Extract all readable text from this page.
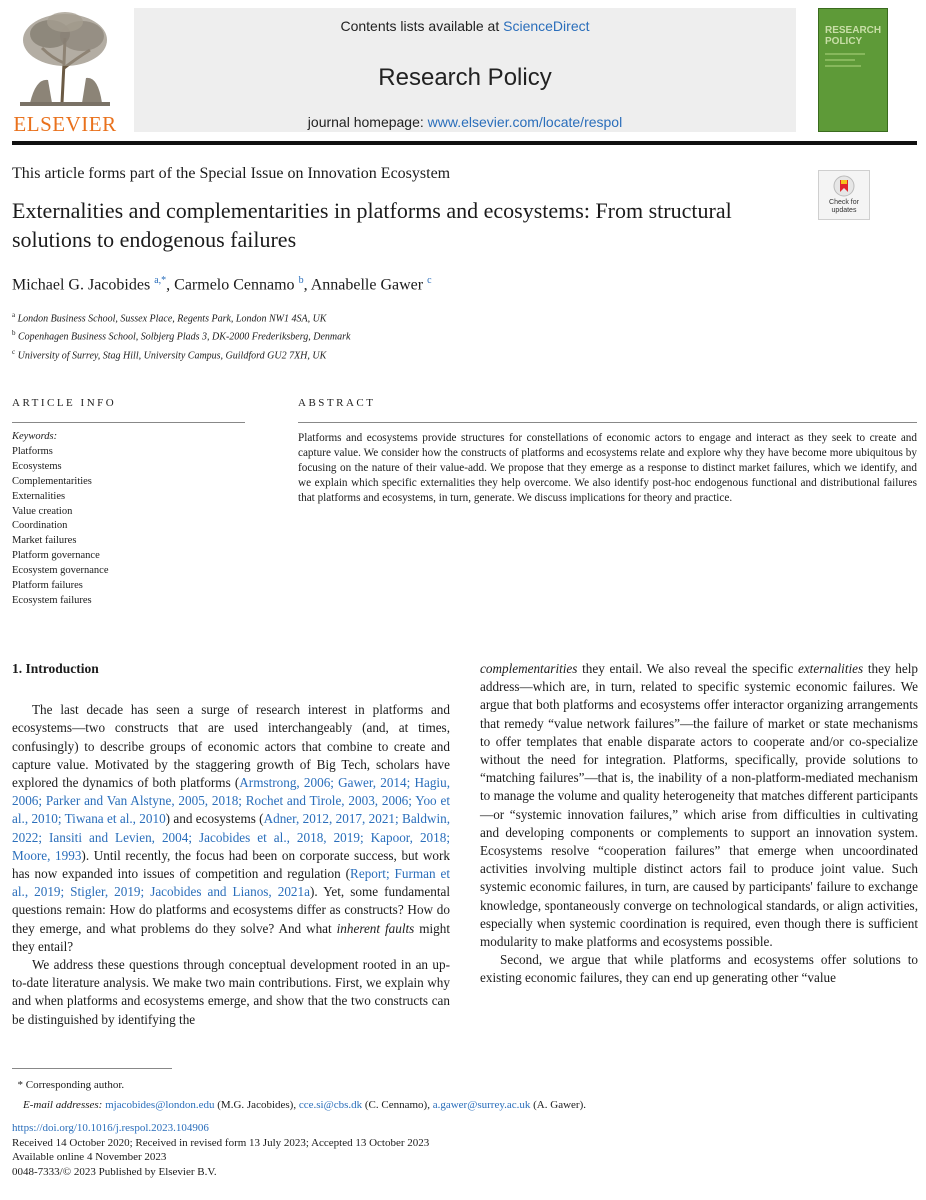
ELSEVIER
Contents lists available at ScienceDirect
Research Policy
journal homepage: www.elsevier.com/locate/respol
RESEARCH POLICY
This article forms part of the Special Issue on Innovation Ecosystem
Externalities and complementarities in platforms and ecosystems: From structural solutions to endogenous failures
Check for updates
Michael G. Jacobides $^{a,*}$, Carmelo Cennamo $^b$, Annabelle Gawer $^c$
$^a$ London Business School, Sussex Place, Regents Park, London NW1 4SA, UK
$^b$ Copenhagen Business School, Solbjerg Plads 3, DK-2000 Frederiksberg, Denmark
$^c$ University of Surrey, Stag Hill, University Campus, Guildford GU2 7XH, UK
ARTICLE INFO	ABSTRACT
Keywords:
Platforms
Ecosystems
Complementarities
Externalities
Value creation
Coordination
Market failures
Platform governance
Ecosystem governance
Platform failures
Ecosystem failures
Platforms and ecosystems provide structures for constellations of economic actors to engage and interact as they seek to create and capture value. We consider how the constructs of platforms and ecosystems relate and explore why they have become more ubiquitous by focusing on the nature of their value-add. We propose that they emerge as a response to distinct market failures, which we identify, and we explain which specific externalities they help overcome. We also identify post-hoc endogenous functional and distributional failures that platforms and ecosystems, in turn, generate. We discuss implications for theory and practice.
1. Introduction

The last decade has seen a surge of research interest in platforms and ecosystems—two constructs that are used interchangeably (and, at times, confusingly) to describe groups of economic actors that combine to create and capture value. Motivated by the staggering growth of Big Tech, scholars have explored the dynamics of both platforms (Armstrong, 2006; Gawer, 2014; Hagiu, 2006; Parker and Van Alstyne, 2005, 2018; Rochet and Tirole, 2003, 2006; Yoo et al., 2010; Tiwana et al., 2010) and ecosystems (Adner, 2012, 2017, 2021; Baldwin, 2022; Iansiti and Levien, 2004; Jacobides et al., 2018, 2019; Kapoor, 2018; Moore, 1993). Until recently, the focus had been on corporate success, but work has now expanded into issues of competition and regulation (Report; Furman et al., 2019; Stigler, 2019; Jacobides and Lianos, 2021a). Yet, some fundamental questions remain: How do platforms and ecosystems differ as constructs? How do they emerge, and what problems do they solve? And what inherent faults might they entail?

We address these questions through conceptual development rooted in an up-to-date literature analysis. We make two main contributions. First, we explain why and when platforms and ecosystems emerge, and show that the two constructs can be distinguished by identifying the

complementarities they entail. We also reveal the specific externalities they help address—which are, in turn, related to specific systemic economic failures. We argue that both platforms and ecosystems offer interactor organizing arrangements that remedy “value network failures”—the failure of market or state mechanisms to offer templates that enable disparate actors to cooperate and/or co-specialize without the need for integration. Platforms, specifically, provide solutions to “matching failures”—that is, the inability of a non-platform-mediated mechanism to manage the volume and quality heterogeneity that matches different participants—or “systemic innovation failures,” which arise from difficulties in cultivating and developing components or complements to support an innovation system. Ecosystems resolve “cooperation failures” that emerge when uncoordinated activities involving multiple distinct actors fail to produce joint value. Such systemic economic failures, in turn, are caused by participants' failure to exchange knowledge, spontaneously converge on technological standards, or align activities, especially when systemic coordination is required, even though there is sufficient modularity to make platforms and ecosystems possible.

Second, we argue that while platforms and ecosystems offer solutions to existing economic failures, they can end up generating other “value

* Corresponding author.
E-mail addresses: mjacobides@london.edu (M.G. Jacobides), cce.si@cbs.dk (C. Cennamo), a.gawer@surrey.ac.uk (A. Gawer).
https://doi.org/10.1016/j.respol.2023.104906
Received 14 October 2020; Received in revised form 13 July 2023; Accepted 13 October 2023
Available online 4 November 2023
0048-7333/© 2023 Published by Elsevier B.V.
